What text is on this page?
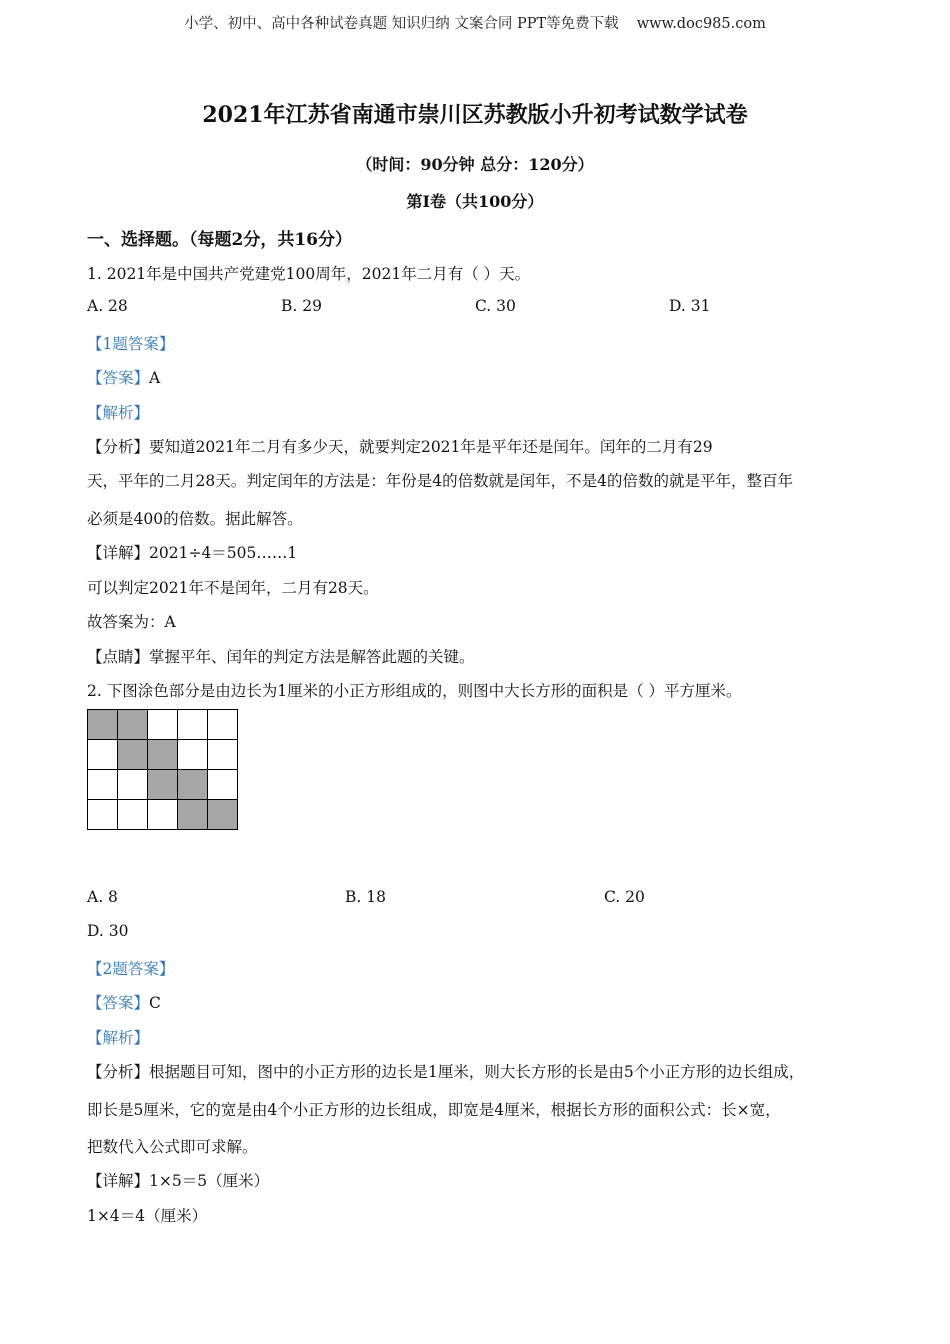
小学、初中、高中各种试卷真题 知识归纳 文案合同 PPT等免费下载 www.doc985.com
2021年江苏省南通市崇川区苏教版小升初考试数学试卷
（时间：90分钟 总分：120分）
第Ⅰ卷（共100分）
一、选择题。（每题2分，共16分）
1. 2021年是中国共产党建党100周年，2021年二月有（ ）天。
A. 28	B. 29	C. 30	D. 31
【1题答案】
【答案】A
【解析】
【分析】要知道2021年二月有多少天，就要判定2021年是平年还是闰年。闰年的二月有29
天，平年的二月28天。判定闰年的方法是：年份是4的倍数就是闰年，不是4的倍数的就是平年，整百年
必须是400的倍数。据此解答。
【详解】2021÷4＝505……1
可以判定2021年不是闰年，二月有28天。
故答案为：A
【点睛】掌握平年、闰年的判定方法是解答此题的关键。
2. 下图涂色部分是由边长为1厘米的小正方形组成的，则图中大长方形的面积是（ ）平方厘米。
A. 8	B. 18	C. 20
D. 30
【2题答案】
【答案】C
【解析】
【分析】根据题目可知，图中的小正方形的边长是1厘米，则大长方形的长是由5个小正方形的边长组成，
即长是5厘米，它的宽是由4个小正方形的边长组成，即宽是4厘米，根据长方形的面积公式：长×宽，
把数代入公式即可求解。
【详解】1×5＝5（厘米）
1×4＝4（厘米）
